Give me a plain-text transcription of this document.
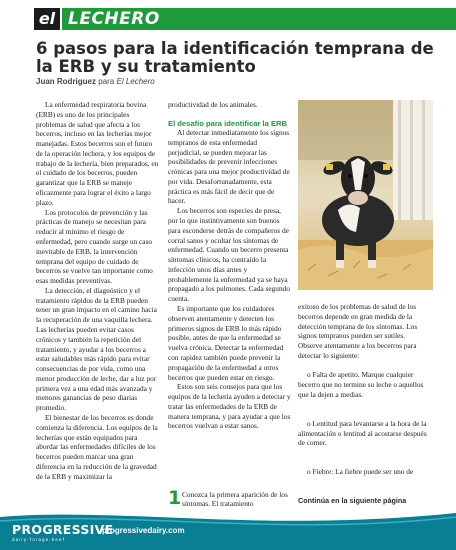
el LECHERO
6 pasos para la identificación temprana de la ERB y su tratamiento
Juan Rodriguez para El Lechero

La enfermedad respiratoria bovina (ERB) es uno de los principales problemas de salud que afecta a los becerros, incluso en las lecherías mejor manejadas. Estos becerros son el futuro de la operación lechera, y los equipos de trabajo de la lechería, bien preparados, en el cuidado de los becerros, pueden garantizar que la ERB se maneje eficazmente para lograr el éxito a largo plazo.

Los protocolos de prevención y las prácticas de manejo se necesitan para reducir al mínimo el riesgo de enfermedad, pero cuando surge un caso inevitable de ERB, la intervención temprana del equipo de cuidado de becerros se vuelve tan importante como esas medidas preventivas.

La detección, el diagnóstico y el tratamiento rápidos de la ERB pueden tener un gran impacto en el camino hacia la recuperación de una vaquilla lechera. Las lecherías pueden evitar casos crónicos y también la repetición del tratamiento, y ayudar a los becerros a estar saludables más rápido para evitar consecuencias de por vida, como una menor producción de leche, dar a luz por primera vez a una edad más avanzada y menores ganancias de peso diarias promedio.

El bienestar de los becerros es donde comienza la diferencia. Los equipos de la lecherías que están equipados para abordar las enfermedades difíciles de los becerros pueden marcar una gran diferencia en la reducción de la gravedad de la ERB y maximizar la

productividad de los animales.

El desafío para identificar la ERB

Al detectar inmediatamente los signos tempranos de esta enfermedad perjudicial, se pueden mejorar las posibilidades de prevenir infecciones crónicas para una mejor productividad de por vida. Desafortunadamente, esta práctica es más fácil de decir que de hacer.

Los becerros son especies de presa, por lo que instintivamente son buenos para esconderse detrás de compañeros de corral sanos y ocultar los síntomas de enfermedad. Cuando un becerro presenta síntomas clínicos, ha contraído la infección unos días antes y probablemente la enfermedad ya se haya propagado a los pulmones. Cada segundo cuenta.

Es importante que los cuidadores observen atentamente y detecten los primeros signos de ERB lo más rápido posible, antes de que la enfermedad se vuelva crónica. Detectar la enfermedad con rapidez también puede prevenir la propagación de la enfermedad a otros becerros que pueden estar en riesgo.

Estos son seis consejos para que los equipos de la lechería ayuden a detectar y tratar las enfermedades de la ERB de manera temprana, y para ayudar a que los becerros vuelvan a estar sanos.

1 Conozca la primera aparición de los síntomas. El tratamiento
Getty Images

exitoso de los problemas de salud de los becerros depende en gran medida de la detección temprana de los síntomas. Los signos tempranos pueden ser sutiles. Observe atentamente a los becerros para detectar lo siguiente:

o Falta de apetito. Marque cualquier becerro que no termine su leche o aquellos que la dejen a medias.

o Lentitud para levantarse a la hora de la alimentación o lentitud al acostarse después de comer.

o Fiebre: La fiebre puede ser uno de

Continúa en la siguiente página

PROGRESSIVE
dairy·forage·beef
progressivedairy.com
